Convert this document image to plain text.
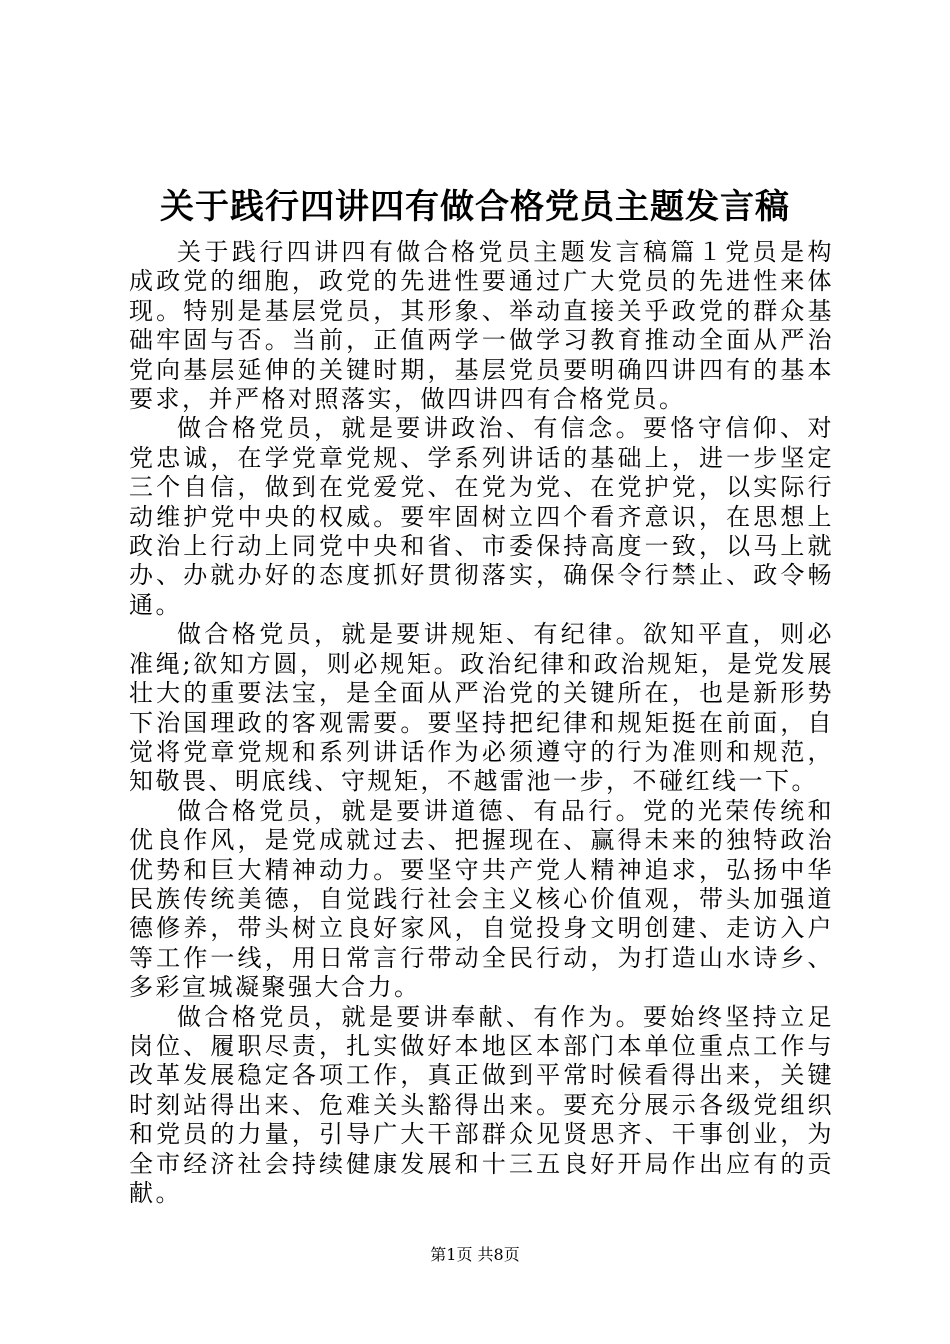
关于践行四讲四有做合格党员主题发言稿

关于践行四讲四有做合格党员主题发言稿篇１党员是构成政党的细胞，政党的先进性要通过广大党员的先进性来体现。特别是基层党员，其形象、举动直接关乎政党的群众基础牢固与否。当前，正值两学一做学习教育推动全面从严治党向基层延伸的关键时期，基层党员要明确四讲四有的基本要求，并严格对照落实，做四讲四有合格党员。

做合格党员，就是要讲政治、有信念。要恪守信仰、对党忠诚，在学党章党规、学系列讲话的基础上，进一步坚定三个自信，做到在党爱党、在党为党、在党护党，以实际行动维护党中央的权威。要牢固树立四个看齐意识，在思想上政治上行动上同党中央和省、市委保持高度一致，以马上就办、办就办好的态度抓好贯彻落实，确保令行禁止、政令畅通。

做合格党员，就是要讲规矩、有纪律。欲知平直，则必准绳;欲知方圆，则必规矩。政治纪律和政治规矩，是党发展壮大的重要法宝，是全面从严治党的关键所在，也是新形势下治国理政的客观需要。要坚持把纪律和规矩挺在前面，自觉将党章党规和系列讲话作为必须遵守的行为准则和规范，知敬畏、明底线、守规矩，不越雷池一步，不碰红线一下。

做合格党员，就是要讲道德、有品行。党的光荣传统和优良作风，是党成就过去、把握现在、赢得未来的独特政治优势和巨大精神动力。要坚守共产党人精神追求，弘扬中华民族传统美德，自觉践行社会主义核心价值观，带头加强道德修养，带头树立良好家风，自觉投身文明创建、走访入户等工作一线，用日常言行带动全民行动，为打造山水诗乡、多彩宣城凝聚强大合力。

做合格党员，就是要讲奉献、有作为。要始终坚持立足岗位、履职尽责，扎实做好本地区本部门本单位重点工作与改革发展稳定各项工作，真正做到平常时候看得出来，关键时刻站得出来、危难关头豁得出来。要充分展示各级党组织和党员的力量，引导广大干部群众见贤思齐、干事创业，为全市经济社会持续健康发展和十三五良好开局作出应有的贡献。

第1页 共8页
